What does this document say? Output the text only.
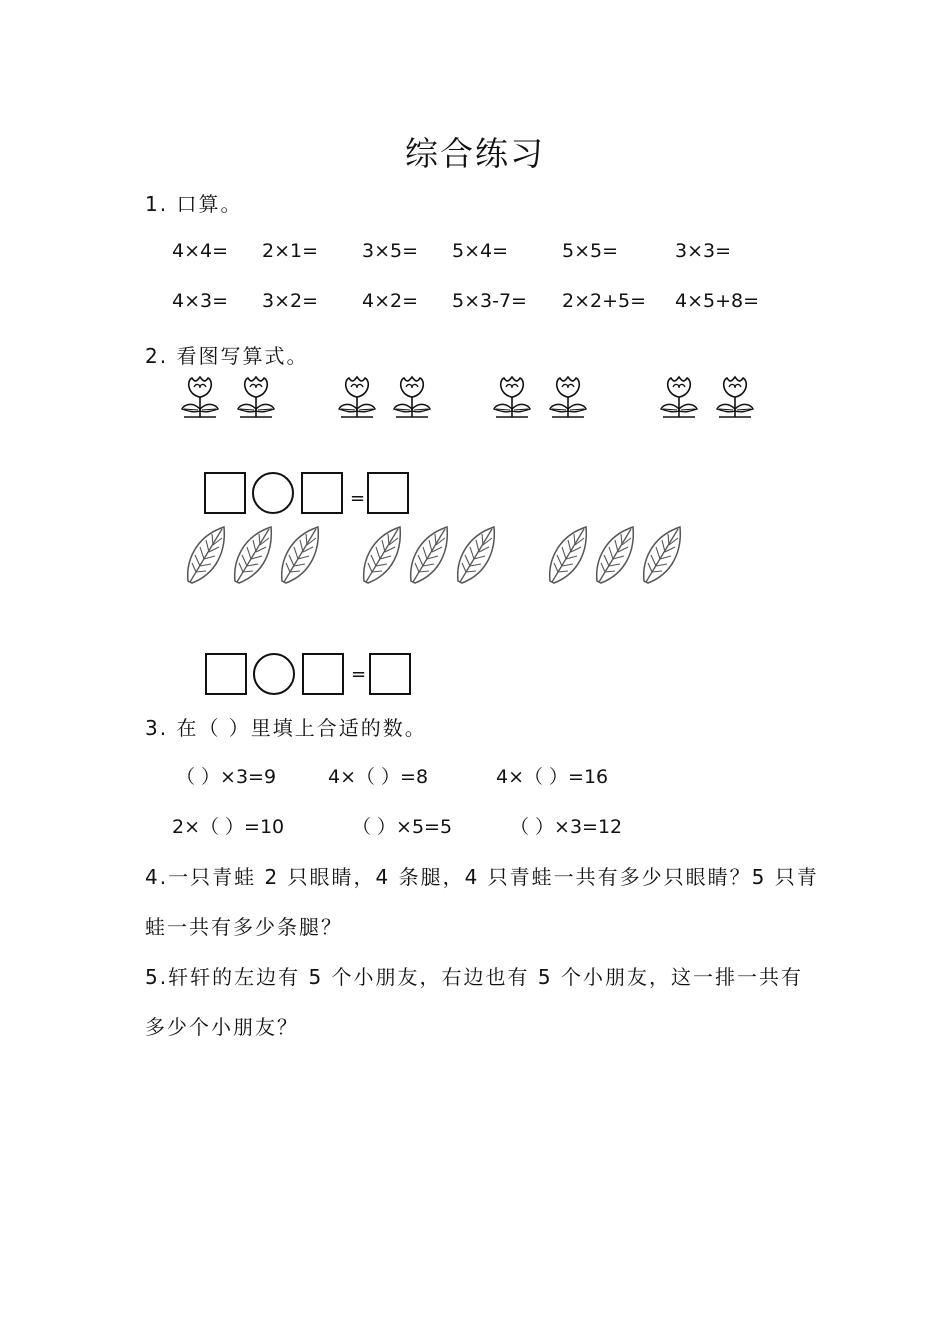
综合练习
1. 口算。
4×4= 2×1= 3×5= 5×4=	5×5=	3×3=
4×3= 3×2= 4×2= 5×3-7= 2×2+5= 4×5+8=
2. 看图写算式。
=
=
3. 在（ ）里填上合适的数。
（ ）×3=9	4×（ ）=8	4×（ ）=16
2×（ ）=10	（ ）×5=5	（ ）×3=12
4.一只青蛙 2 只眼睛，4 条腿，4 只青蛙一共有多少只眼睛？5 只青
蛙一共有多少条腿？
5.轩轩的左边有 5 个小朋友，右边也有 5 个小朋友，这一排一共有
多少个小朋友？
